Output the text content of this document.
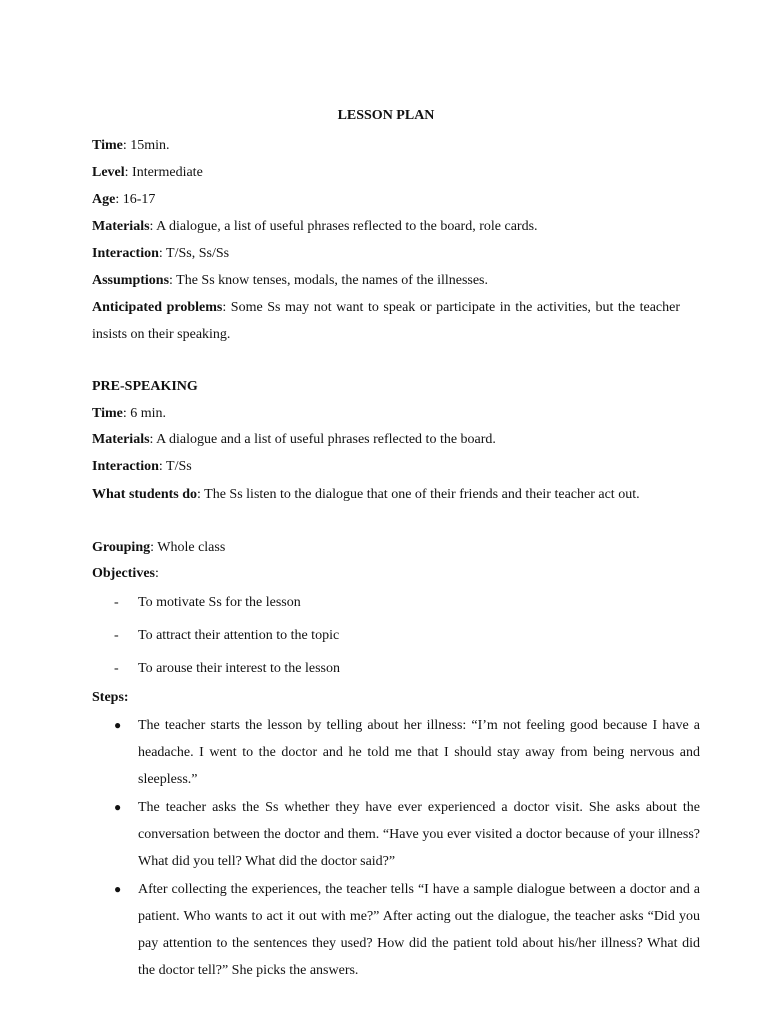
LESSON PLAN
Time: 15min.
Level: Intermediate
Age: 16-17
Materials: A dialogue, a list of useful phrases reflected to the board, role cards.
Interaction: T/Ss, Ss/Ss
Assumptions: The Ss know tenses, modals, the names of the illnesses.
Anticipated problems: Some Ss may not want to speak or participate in the activities, but the teacher insists on their speaking.
PRE-SPEAKING
Time: 6 min.
Materials: A dialogue and a list of useful phrases reflected to the board.
Interaction: T/Ss
What students do: The Ss listen to the dialogue that one of their friends and their teacher act out.
Grouping: Whole class
Objectives:
- To motivate Ss for the lesson
- To attract their attention to the topic
- To arouse their interest to the lesson
Steps:
● The teacher starts the lesson by telling about her illness: “I’m not feeling good because I have a headache. I went to the doctor and he told me that I should stay away from being nervous and sleepless.”
● The teacher asks the Ss whether they have ever experienced a doctor visit. She asks about the conversation between the doctor and them. “Have you ever visited a doctor because of your illness? What did you tell? What did the doctor said?”
● After collecting the experiences, the teacher tells “I have a sample dialogue between a doctor and a patient. Who wants to act it out with me?” After acting out the dialogue, the teacher asks “Did you pay attention to the sentences they used? How did the patient told about his/her illness? What did the doctor tell?” She picks the answers.
